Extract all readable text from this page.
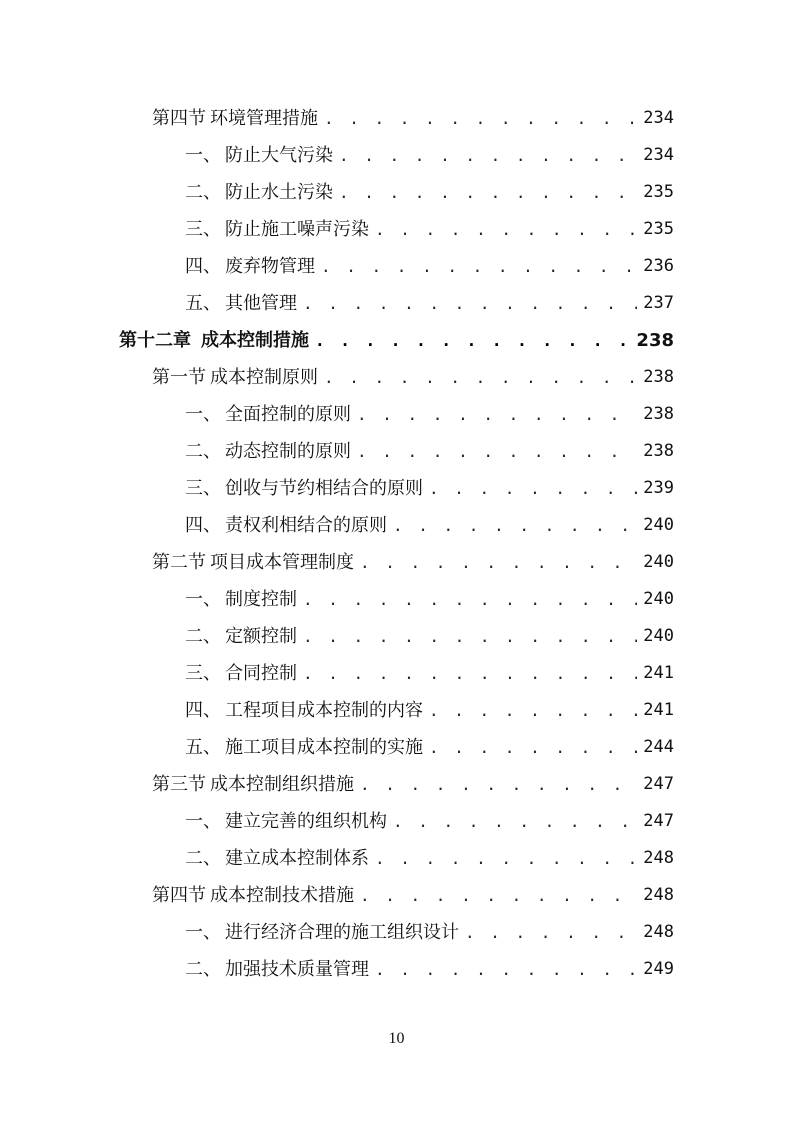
第四节 环境管理措施 . . .	234
一、 防止大气污染 . . .	234
二、 防止水土污染 . . .	235
三、 防止施工噪声污染 . . .	235
四、 废弃物管理 . . .	236
五、 其他管理 . . .	237
第十二章 成本控制措施 . . .	238
第一节 成本控制原则 . . .	238
一、 全面控制的原则 . . .	238
二、 动态控制的原则 . . .	238
三、 创收与节约相结合的原则 . . .	239
四、 责权利相结合的原则 . . .	240
第二节 项目成本管理制度 . . .	240
一、 制度控制 . . .	240
二、 定额控制 . . .	240
三、 合同控制 . . .	241
四、 工程项目成本控制的内容 . . .	241
五、 施工项目成本控制的实施 . . .	244
第三节 成本控制组织措施 . . .	247
一、 建立完善的组织机构 . . .	247
二、 建立成本控制体系 . . .	248
第四节 成本控制技术措施 . . .	248
一、 进行经济合理的施工组织设计 . . .	248
二、 加强技术质量管理 . . .	249
10
